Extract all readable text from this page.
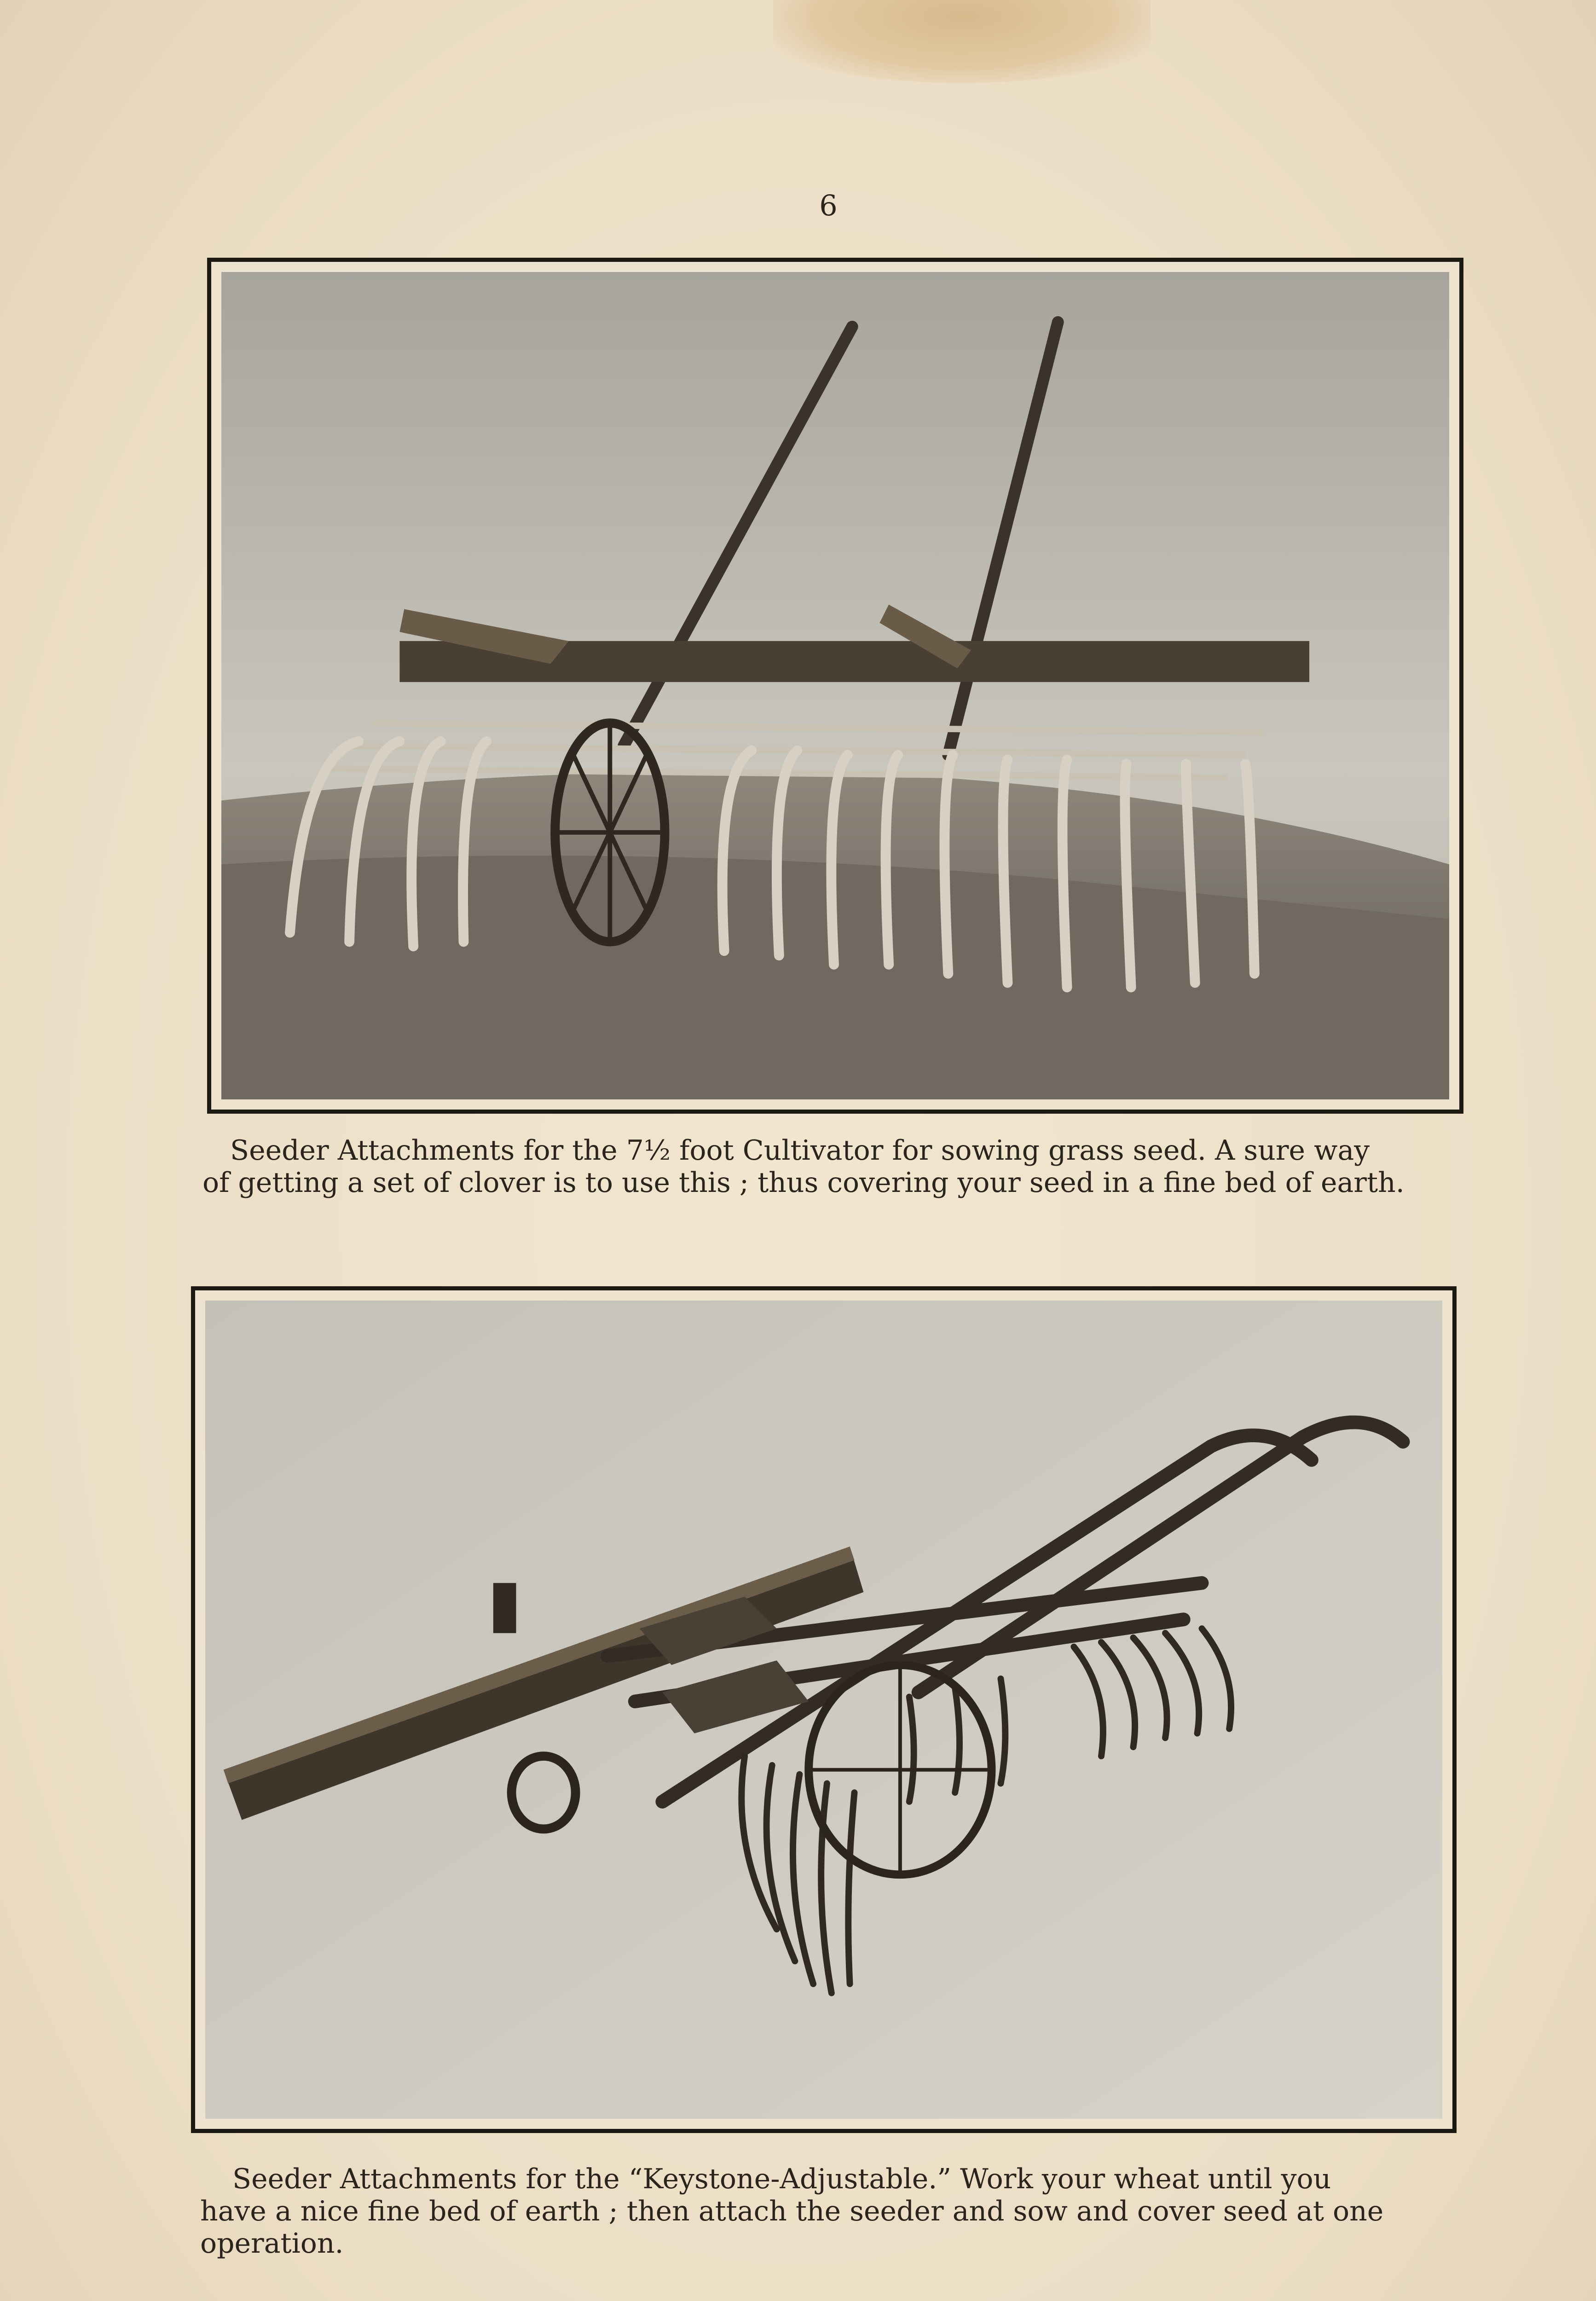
6
Seeder Attachments for the 7½ foot Cultivator for sowing grass seed. A sure way
of getting a set of clover is to use this ; thus covering your seed in a fine bed of earth.
Seeder Attachments for the “Keystone-Adjustable.” Work your wheat until you
have a nice fine bed of earth ; then attach the seeder and sow and cover seed at one
operation.
